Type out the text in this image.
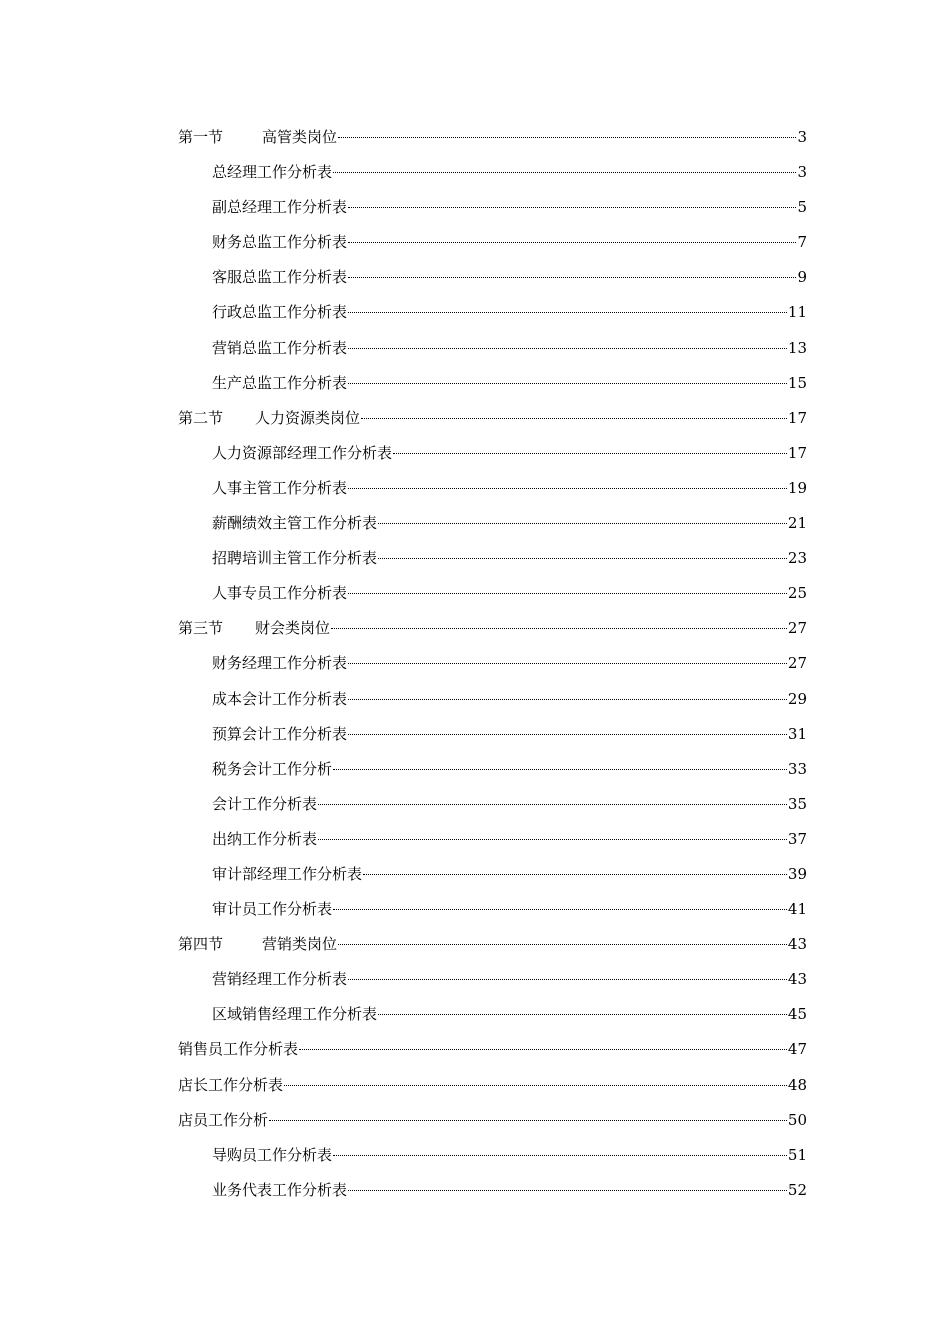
第一节	高管类岗位	3
总经理工作分析表	3
副总经理工作分析表	5
财务总监工作分析表	7
客服总监工作分析表	9
行政总监工作分析表	11
营销总监工作分析表	13
生产总监工作分析表	15
第二节	人力资源类岗位	17
人力资源部经理工作分析表	17
人事主管工作分析表	19
薪酬绩效主管工作分析表	21
招聘培训主管工作分析表	23
人事专员工作分析表	25
第三节	财会类岗位	27
财务经理工作分析表	27
成本会计工作分析表	29
预算会计工作分析表	31
税务会计工作分析	33
会计工作分析表	35
出纳工作分析表	37
审计部经理工作分析表	39
审计员工作分析表	41
第四节	营销类岗位	43
营销经理工作分析表	43
区域销售经理工作分析表	45
销售员工作分析表	47
店长工作分析表	48
店员工作分析	50
导购员工作分析表	51
业务代表工作分析表	52
